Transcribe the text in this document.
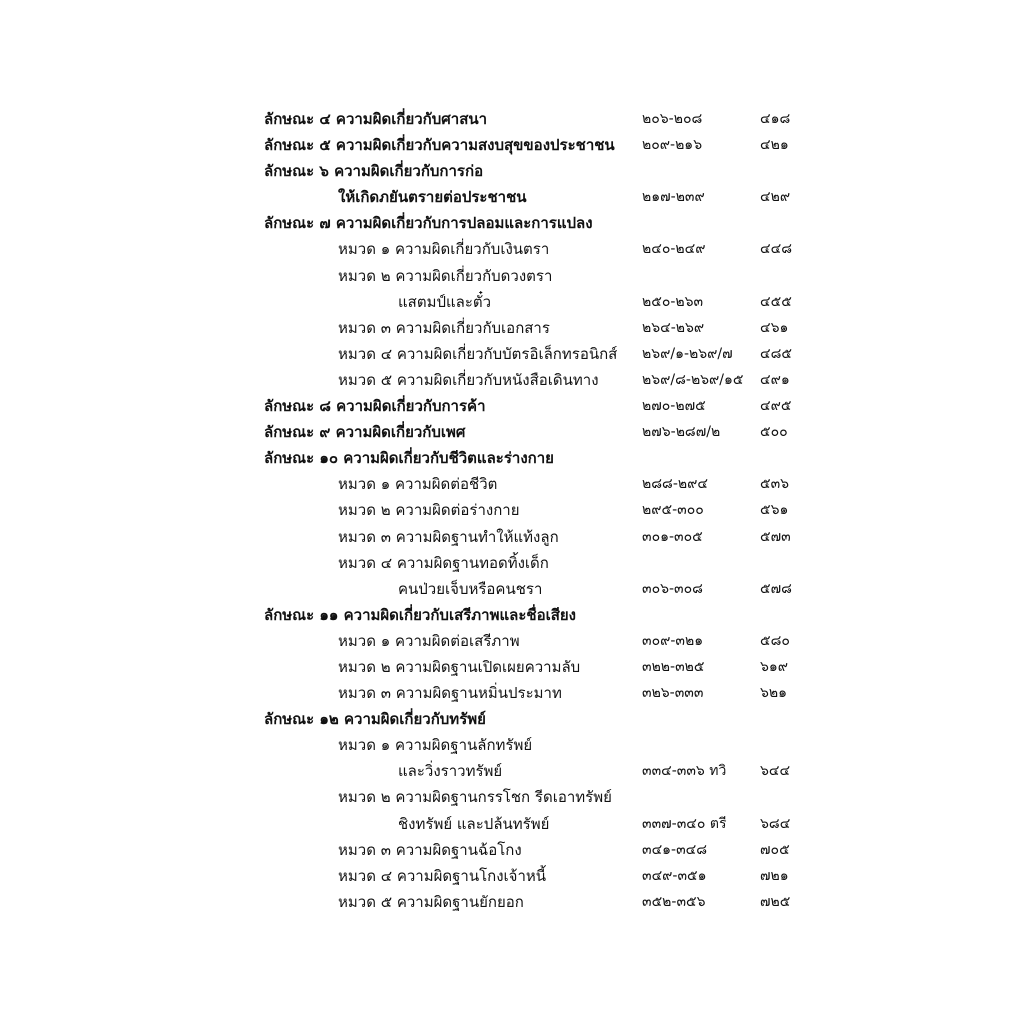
ลักษณะ ๔ ความผิดเกี่ยวกับศาสนา	๒๐๖-๒๐๘	๔๑๘
ลักษณะ ๕ ความผิดเกี่ยวกับความสงบสุขของประชาชน ๒๐๙-๒๑๖	๔๒๑
ลักษณะ ๖ ความผิดเกี่ยวกับการก่อ
ให้เกิดภยันตรายต่อประชาชน	๒๑๗-๒๓๙	๔๒๙
ลักษณะ ๗ ความผิดเกี่ยวกับการปลอมและการแปลง
หมวด ๑ ความผิดเกี่ยวกับเงินตรา	๒๔๐-๒๔๙	๔๔๘
หมวด ๒ ความผิดเกี่ยวกับดวงตรา
แสตมป์และตั๋ว	๒๕๐-๒๖๓	๔๕๕
หมวด ๓ ความผิดเกี่ยวกับเอกสาร	๒๖๔-๒๖๙	๔๖๑
หมวด ๔ ความผิดเกี่ยวกับบัตรอิเล็กทรอนิกส์ ๒๖๙/๑-๒๖๙/๗ ๔๘๕
หมวด ๕ ความผิดเกี่ยวกับหนังสือเดินทาง	๒๖๙/๘-๒๖๙/๑๕ ๔๙๑
ลักษณะ ๘ ความผิดเกี่ยวกับการค้า	๒๗๐-๒๗๕	๔๙๕
ลักษณะ ๙ ความผิดเกี่ยวกับเพศ	๒๗๖-๒๘๗/๒	๕๐๐
ลักษณะ ๑๐ ความผิดเกี่ยวกับชีวิตและร่างกาย
หมวด ๑ ความผิดต่อชีวิต	๒๘๘-๒๙๔	๕๓๖
หมวด ๒ ความผิดต่อร่างกาย	๒๙๕-๓๐๐	๕๖๑
หมวด ๓ ความผิดฐานทำให้แท้งลูก	๓๐๑-๓๐๕	๕๗๓
หมวด ๔ ความผิดฐานทอดทิ้งเด็ก
คนป่วยเจ็บหรือคนชรา	๓๐๖-๓๐๘	๕๗๘
ลักษณะ ๑๑ ความผิดเกี่ยวกับเสรีภาพและชื่อเสียง
หมวด ๑ ความผิดต่อเสรีภาพ	๓๐๙-๓๒๑	๕๘๐
หมวด ๒ ความผิดฐานเปิดเผยความลับ	๓๒๒-๓๒๕	๖๑๙
หมวด ๓ ความผิดฐานหมิ่นประมาท	๓๒๖-๓๓๓	๖๒๑
ลักษณะ ๑๒ ความผิดเกี่ยวกับทรัพย์
หมวด ๑ ความผิดฐานลักทรัพย์
และวิ่งราวทรัพย์	๓๓๔-๓๓๖ ทวิ ๖๔๔
หมวด ๒ ความผิดฐานกรรโชก รีดเอาทรัพย์
ชิงทรัพย์ และปล้นทรัพย์	๓๓๗-๓๔๐ ตรี ๖๘๔
หมวด ๓ ความผิดฐานฉ้อโกง	๓๔๑-๓๔๘	๗๐๕
หมวด ๔ ความผิดฐานโกงเจ้าหนี้	๓๔๙-๓๕๑	๗๒๑
หมวด ๕ ความผิดฐานยักยอก	๓๕๒-๓๕๖	๗๒๕
